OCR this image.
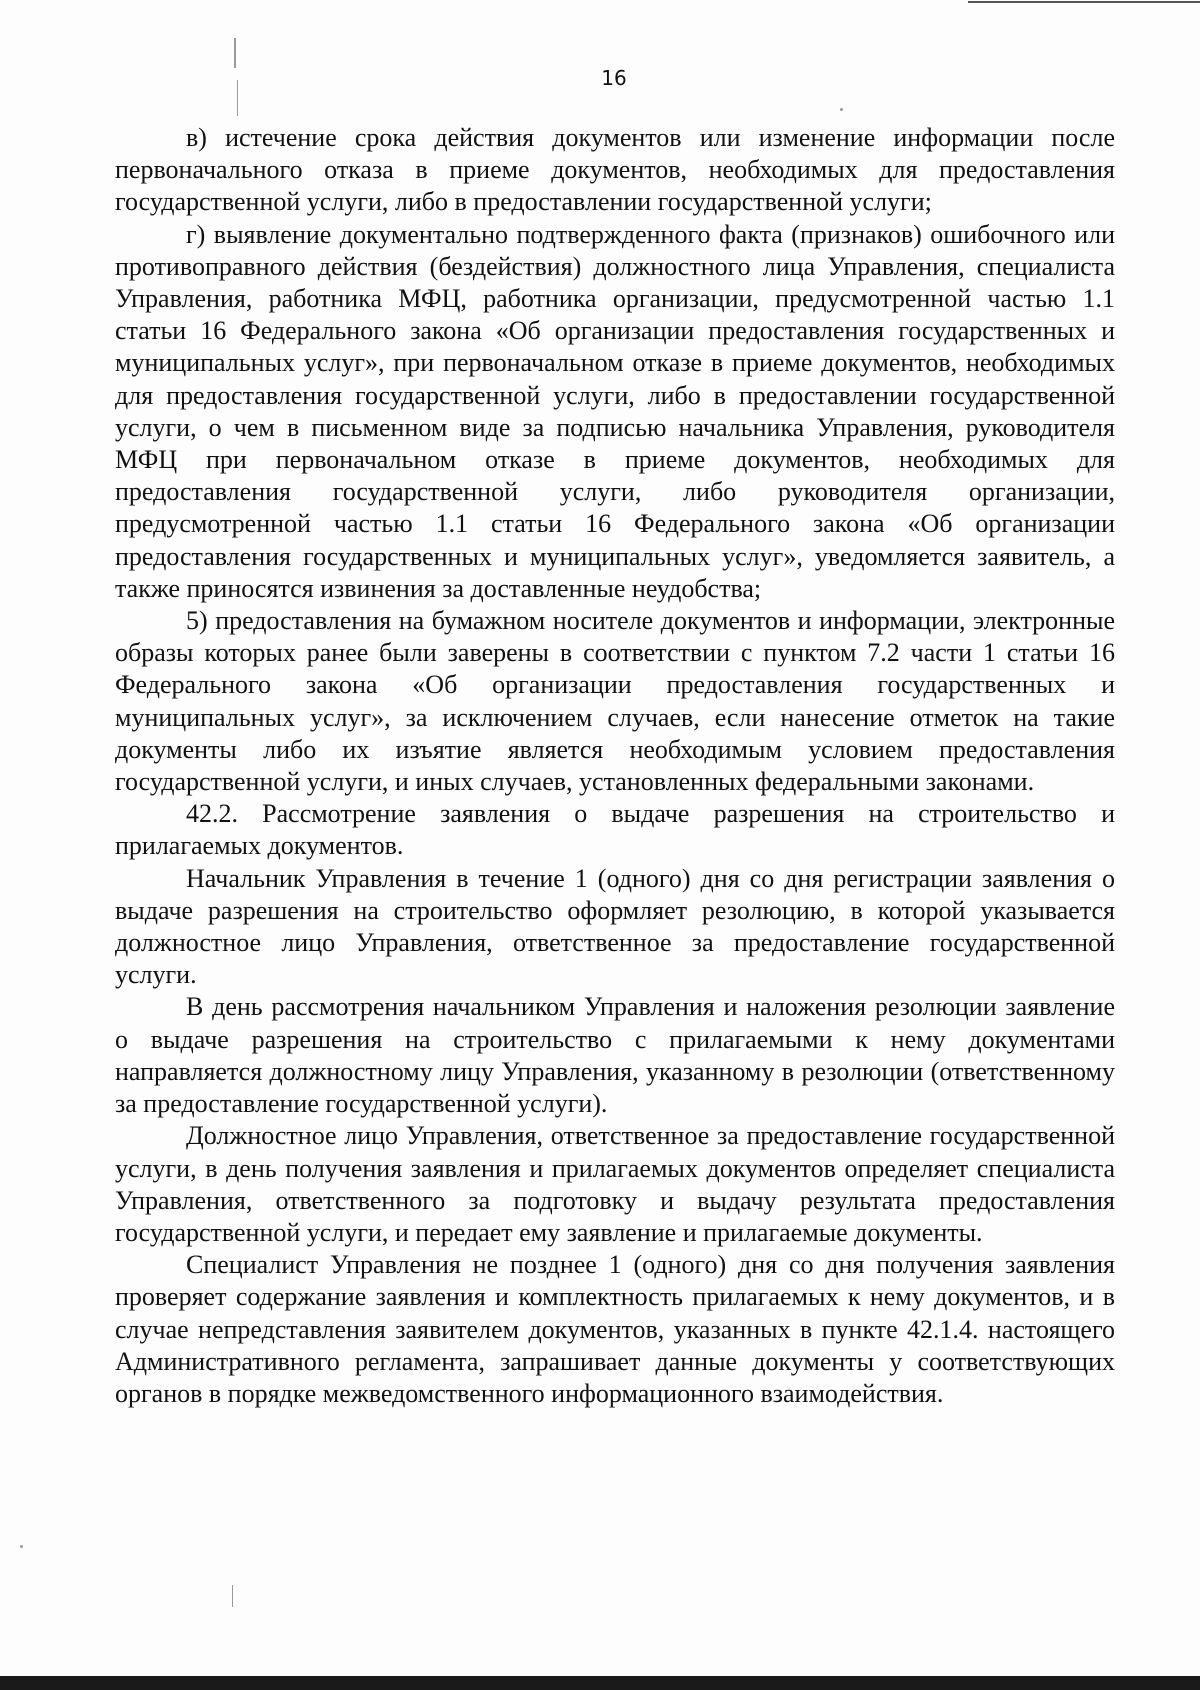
16

в) истечение срока действия документов или изменение информации после первоначального отказа в приеме документов, необходимых для предоставления государственной услуги, либо в предоставлении государственной услуги;

г) выявление документально подтвержденного факта (признаков) ошибочного или противоправного действия (бездействия) должностного лица Управления, специалиста Управления, работника МФЦ, работника организации, предусмотренной частью 1.1 статьи 16 Федерального закона «Об организации предоставления государственных и муниципальных услуг», при первоначальном отказе в приеме документов, необходимых для предоставления государственной услуги, либо в предоставлении государственной услуги, о чем в письменном виде за подписью начальника Управления, руководителя МФЦ при первоначальном отказе в приеме документов, необходимых для предоставления государственной услуги, либо руководителя организации, предусмотренной частью 1.1 статьи 16 Федерального закона «Об организации предоставления государственных и муниципальных услуг», уведомляется заявитель, а также приносятся извинения за доставленные неудобства;

5) предоставления на бумажном носителе документов и информации, электронные образы которых ранее были заверены в соответствии с пунктом 7.2 части 1 статьи 16 Федерального закона «Об организации предоставления государственных и муниципальных услуг», за исключением случаев, если нанесение отметок на такие документы либо их изъятие является необходимым условием предоставления государственной услуги, и иных случаев, установленных федеральными законами.

42.2. Рассмотрение заявления о выдаче разрешения на строительство и прилагаемых документов.

Начальник Управления в течение 1 (одного) дня со дня регистрации заявления о выдаче разрешения на строительство оформляет резолюцию, в которой указывается должностное лицо Управления, ответственное за предоставление государственной услуги.

В день рассмотрения начальником Управления и наложения резолюции заявление о выдаче разрешения на строительство с прилагаемыми к нему документами направляется должностному лицу Управления, указанному в резолюции (ответственному за предоставление государственной услуги).

Должностное лицо Управления, ответственное за предоставление государственной услуги, в день получения заявления и прилагаемых документов определяет специалиста Управления, ответственного за подготовку и выдачу результата предоставления государственной услуги, и передает ему заявление и прилагаемые документы.

Специалист Управления не позднее 1 (одного) дня со дня получения заявления проверяет содержание заявления и комплектность прилагаемых к нему документов, и в случае непредставления заявителем документов, указанных в пункте 42.1.4. настоящего Административного регламента, запрашивает данные документы у соответствующих органов в порядке межведомственного информационного взаимодействия.
